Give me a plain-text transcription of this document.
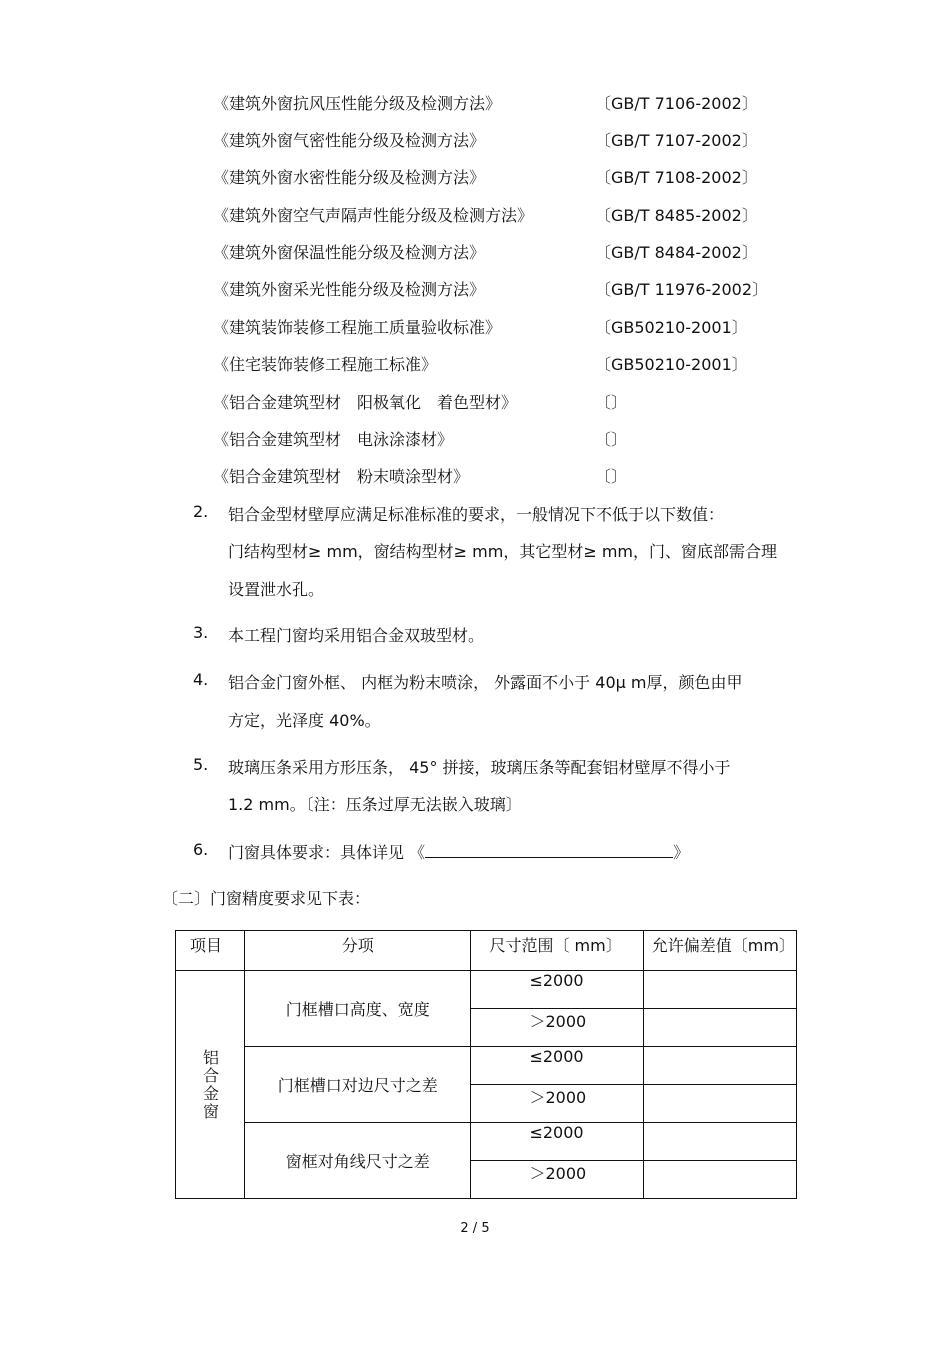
《建筑外窗抗风压性能分级及检测方法》	〔GB/T 7106-2002〕
《建筑外窗气密性能分级及检测方法》	〔GB/T 7107-2002〕
《建筑外窗水密性能分级及检测方法》	〔GB/T 7108-2002〕
《建筑外窗空气声隔声性能分级及检测方法》	〔GB/T 8485-2002〕
《建筑外窗保温性能分级及检测方法》	〔GB/T 8484-2002〕
《建筑外窗采光性能分级及检测方法》	〔GB/T 11976-2002〕
《建筑装饰装修工程施工质量验收标准》	〔GB50210-2001〕
《住宅装饰装修工程施工标准》	〔GB50210-2001〕
《铝合金建筑型材　阳极氧化　着色型材》	〔〕
《铝合金建筑型材　电泳涂漆材》	〔〕
《铝合金建筑型材　粉末喷涂型材》	〔〕
2. 铝合金型材壁厚应满足标准标准的要求，一般情况下不低于以下数值：
门结构型材≥ mm，窗结构型材≥ mm，其它型材≥ mm，门、窗底部需合理
设置泄水孔。
3. 本工程门窗均采用铝合金双玻型材。
4. 铝合金门窗外框、 内框为粉末喷涂， 外露面不小于 40μ m厚，颜色由甲
方定，光泽度 40%。
5. 玻璃压条采用方形压条， 45° 拼接，玻璃压条等配套铝材壁厚不得小于
1.2 mm。〔注：压条过厚无法嵌入玻璃〕
6. 门窗具体要求：具体详见 《	》
〔二〕门窗精度要求见下表：
项目	分项	尺寸范围〔 mm〕	允许偏差值〔mm〕

铝合金窗	门框槽口高度、宽度	≤2000	
		＞2000	
	门框槽口对边尺寸之差	≤2000	
		＞2000	
	窗框对角线尺寸之差	≤2000	
		＞2000	
2 / 5
